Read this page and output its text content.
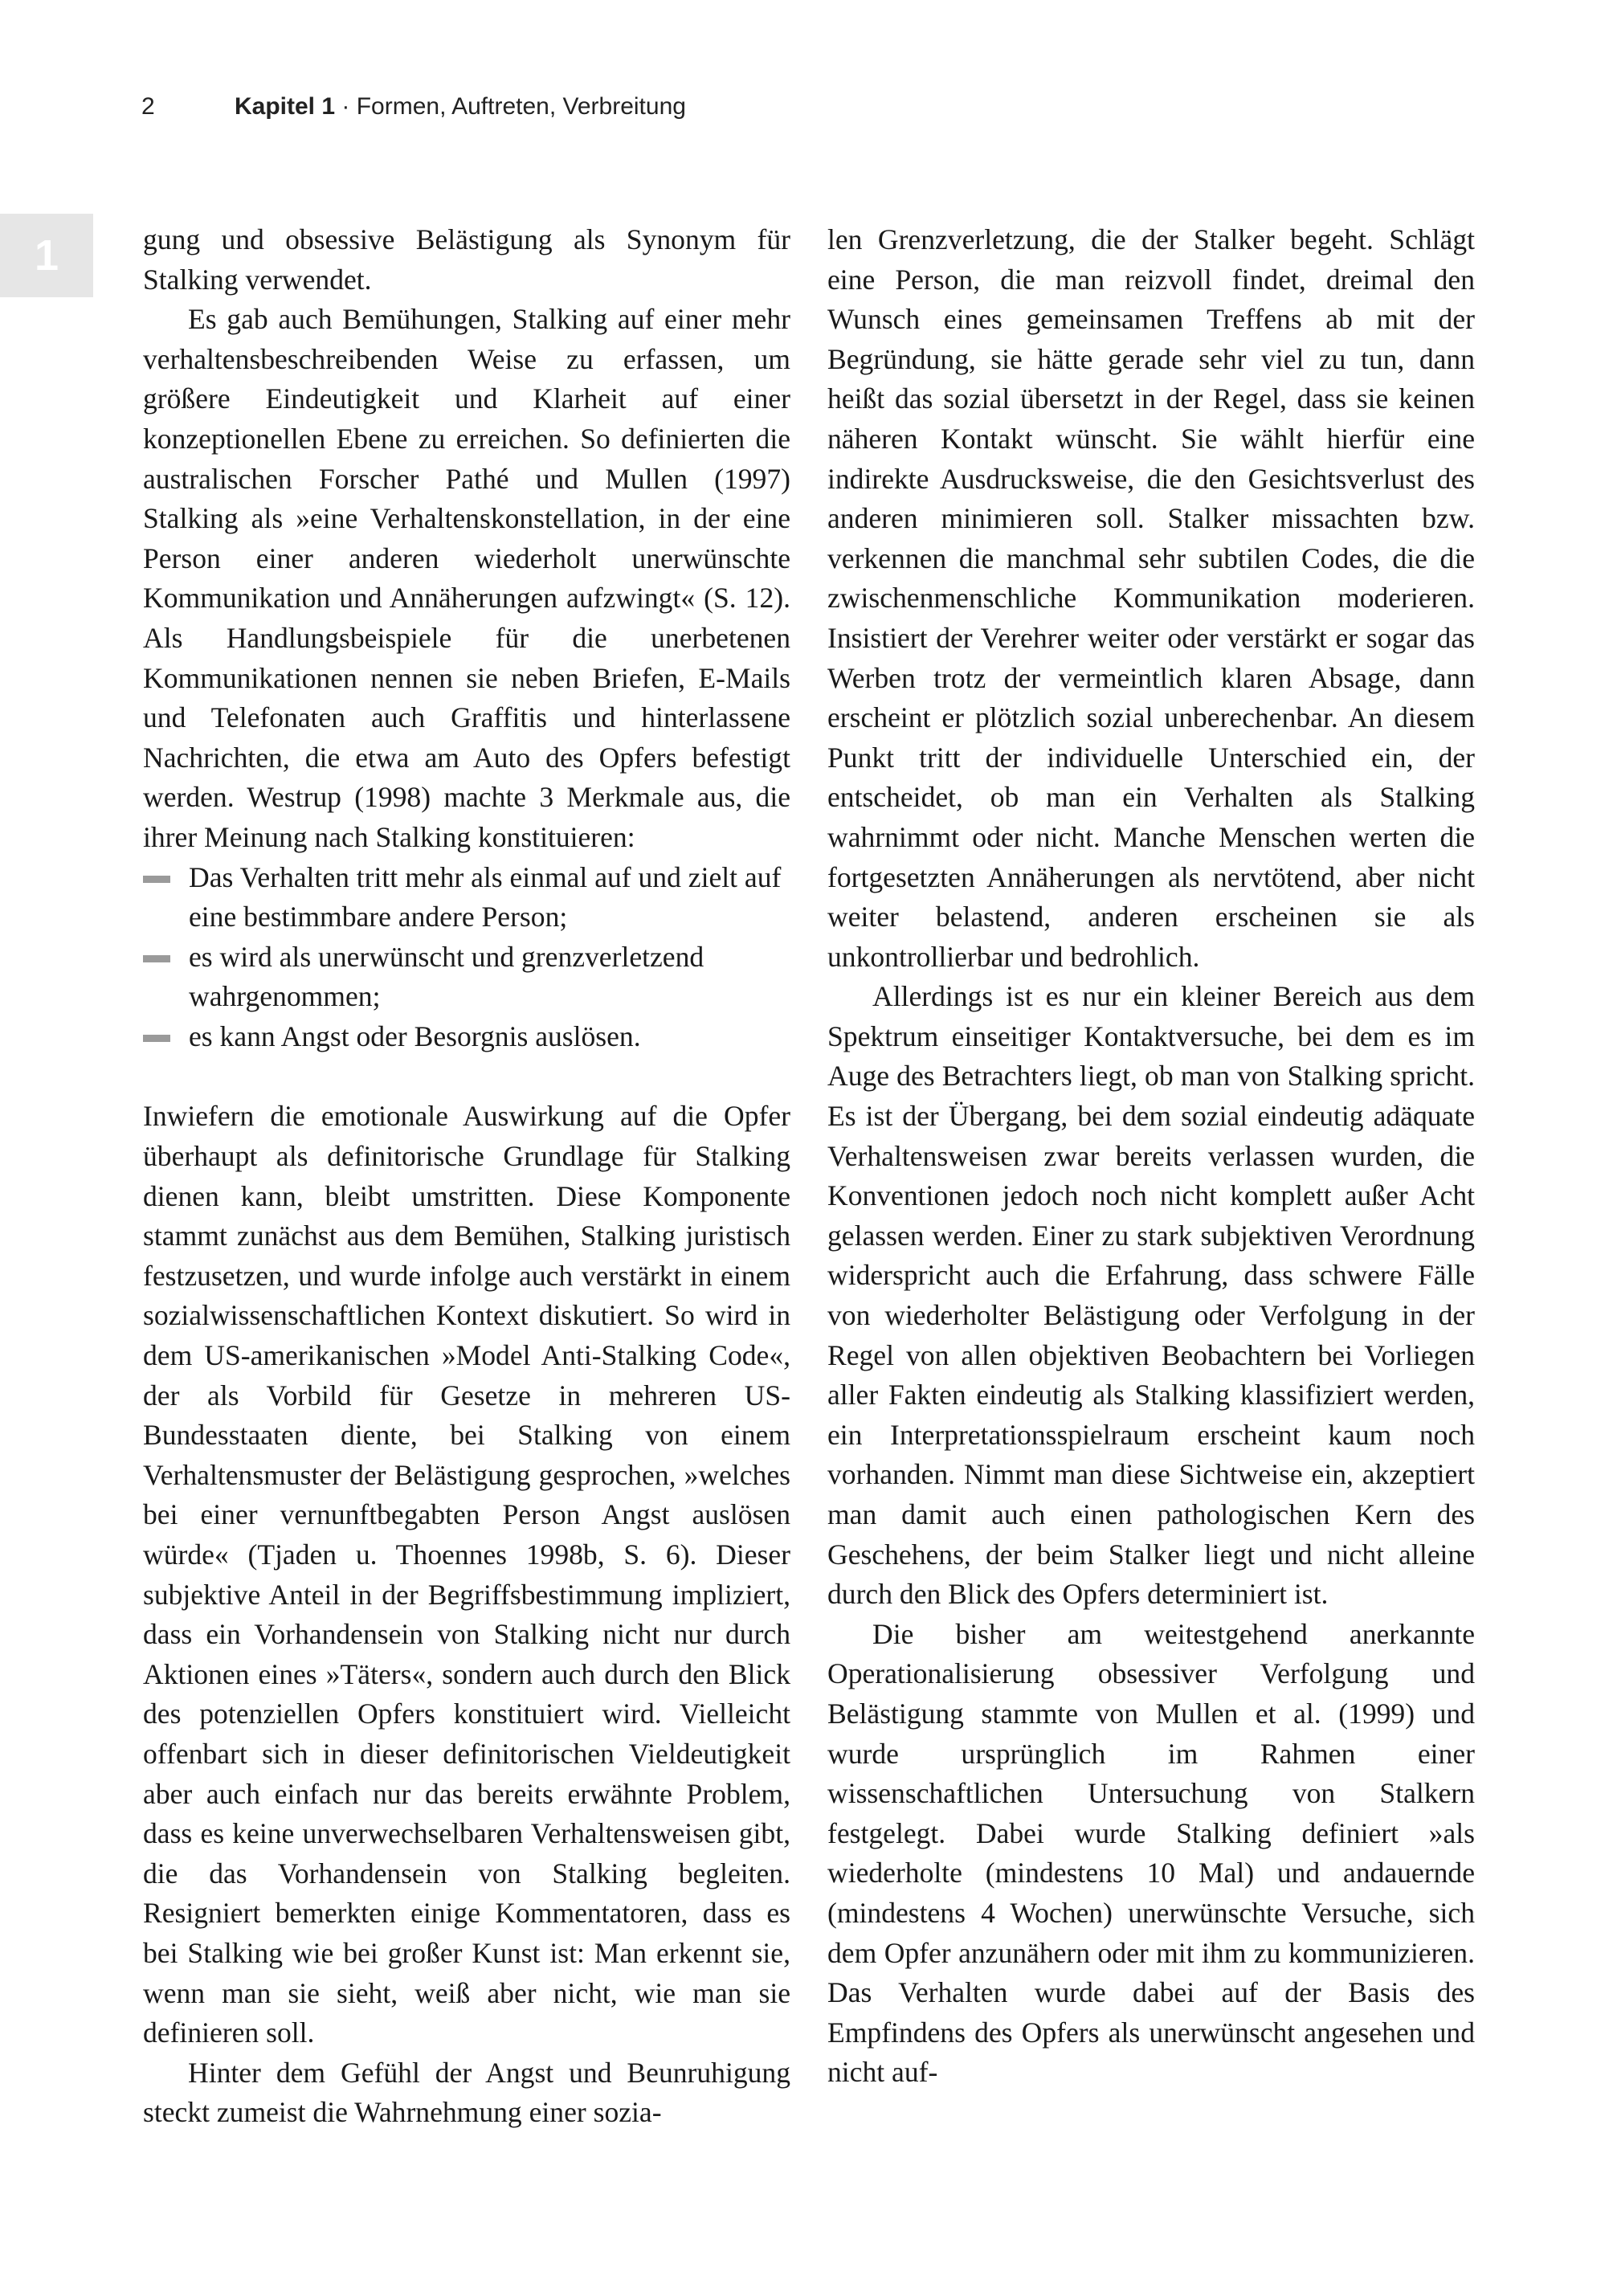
2	Kapitel 1 · Formen, Auftreten, Verbreitung
1	gung und obsessive Belästigung als Synonym für Stalking verwendet.

Es gab auch Bemühungen, Stalking auf einer mehr verhaltensbeschreibenden Weise zu erfassen, um größere Eindeutigkeit und Klarheit auf einer konzeptionellen Ebene zu erreichen. So definierten die australischen Forscher Pathé und Mullen (1997) Stalking als »eine Verhaltenskonstellation, in der eine Person einer anderen wiederholt unerwünschte Kommunikation und Annäherungen aufzwingt« (S. 12). Als Handlungsbeispiele für die unerbetenen Kommunikationen nennen sie neben Briefen, E-Mails und Telefonaten auch Graffitis und hinterlassene Nachrichten, die etwa am Auto des Opfers befestigt werden. Westrup (1998) machte 3 Merkmale aus, die ihrer Meinung nach Stalking konstituieren:

Das Verhalten tritt mehr als einmal auf und zielt auf eine bestimmbare andere Person;
es wird als unerwünscht und grenzverletzend wahrgenommen;
es kann Angst oder Besorgnis auslösen.

Inwiefern die emotionale Auswirkung auf die Opfer überhaupt als definitorische Grundlage für Stalking dienen kann, bleibt umstritten. Diese Komponente stammt zunächst aus dem Bemühen, Stalking juristisch festzusetzen, und wurde infolge auch verstärkt in einem sozialwissenschaftlichen Kontext diskutiert. So wird in dem US-amerikanischen »Model Anti-Stalking Code«, der als Vorbild für Gesetze in mehreren US-Bundesstaaten diente, bei Stalking von einem Verhaltensmuster der Belästigung gesprochen, »welches bei einer vernunftbegabten Person Angst auslösen würde« (Tjaden u. Thoennes 1998b, S. 6). Dieser subjektive Anteil in der Begriffsbestimmung impliziert, dass ein Vorhandensein von Stalking nicht nur durch Aktionen eines »Täters«, sondern auch durch den Blick des potenziellen Opfers konstituiert wird. Vielleicht offenbart sich in dieser definitorischen Vieldeutigkeit aber auch einfach nur das bereits erwähnte Problem, dass es keine unverwechselbaren Verhaltensweisen gibt, die das Vorhandensein von Stalking begleiten. Resigniert bemerkten einige Kommentatoren, dass es bei Stalking wie bei großer Kunst ist: Man erkennt sie, wenn man sie sieht, weiß aber nicht, wie man sie definieren soll.

Hinter dem Gefühl der Angst und Beunruhigung steckt zumeist die Wahrnehmung einer sozia-

len Grenzverletzung, die der Stalker begeht. Schlägt eine Person, die man reizvoll findet, dreimal den Wunsch eines gemeinsamen Treffens ab mit der Begründung, sie hätte gerade sehr viel zu tun, dann heißt das sozial übersetzt in der Regel, dass sie keinen näheren Kontakt wünscht. Sie wählt hierfür eine indirekte Ausdrucksweise, die den Gesichtsverlust des anderen minimieren soll. Stalker missachten bzw. verkennen die manchmal sehr subtilen Codes, die die zwischenmenschliche Kommunikation moderieren. Insistiert der Verehrer weiter oder verstärkt er sogar das Werben trotz der vermeintlich klaren Absage, dann erscheint er plötzlich sozial unberechenbar. An diesem Punkt tritt der individuelle Unterschied ein, der entscheidet, ob man ein Verhalten als Stalking wahrnimmt oder nicht. Manche Menschen werten die fortgesetzten Annäherungen als nervtötend, aber nicht weiter belastend, anderen erscheinen sie als unkontrollierbar und bedrohlich.

Allerdings ist es nur ein kleiner Bereich aus dem Spektrum einseitiger Kontaktversuche, bei dem es im Auge des Betrachters liegt, ob man von Stalking spricht. Es ist der Übergang, bei dem sozial eindeutig adäquate Verhaltensweisen zwar bereits verlassen wurden, die Konventionen jedoch noch nicht komplett außer Acht gelassen werden. Einer zu stark subjektiven Verordnung widerspricht auch die Erfahrung, dass schwere Fälle von wiederholter Belästigung oder Verfolgung in der Regel von allen objektiven Beobachtern bei Vorliegen aller Fakten eindeutig als Stalking klassifiziert werden, ein Interpretationsspielraum erscheint kaum noch vorhanden. Nimmt man diese Sichtweise ein, akzeptiert man damit auch einen pathologischen Kern des Geschehens, der beim Stalker liegt und nicht alleine durch den Blick des Opfers determiniert ist.

Die bisher am weitestgehend anerkannte Operationalisierung obsessiver Verfolgung und Belästigung stammte von Mullen et al. (1999) und wurde ursprünglich im Rahmen einer wissenschaftlichen Untersuchung von Stalkern festgelegt. Dabei wurde Stalking definiert »als wiederholte (mindestens 10 Mal) und andauernde (mindestens 4 Wochen) unerwünschte Versuche, sich dem Opfer anzunähern oder mit ihm zu kommunizieren. Das Verhalten wurde dabei auf der Basis des Empfindens des Opfers als unerwünscht angesehen und nicht auf-
